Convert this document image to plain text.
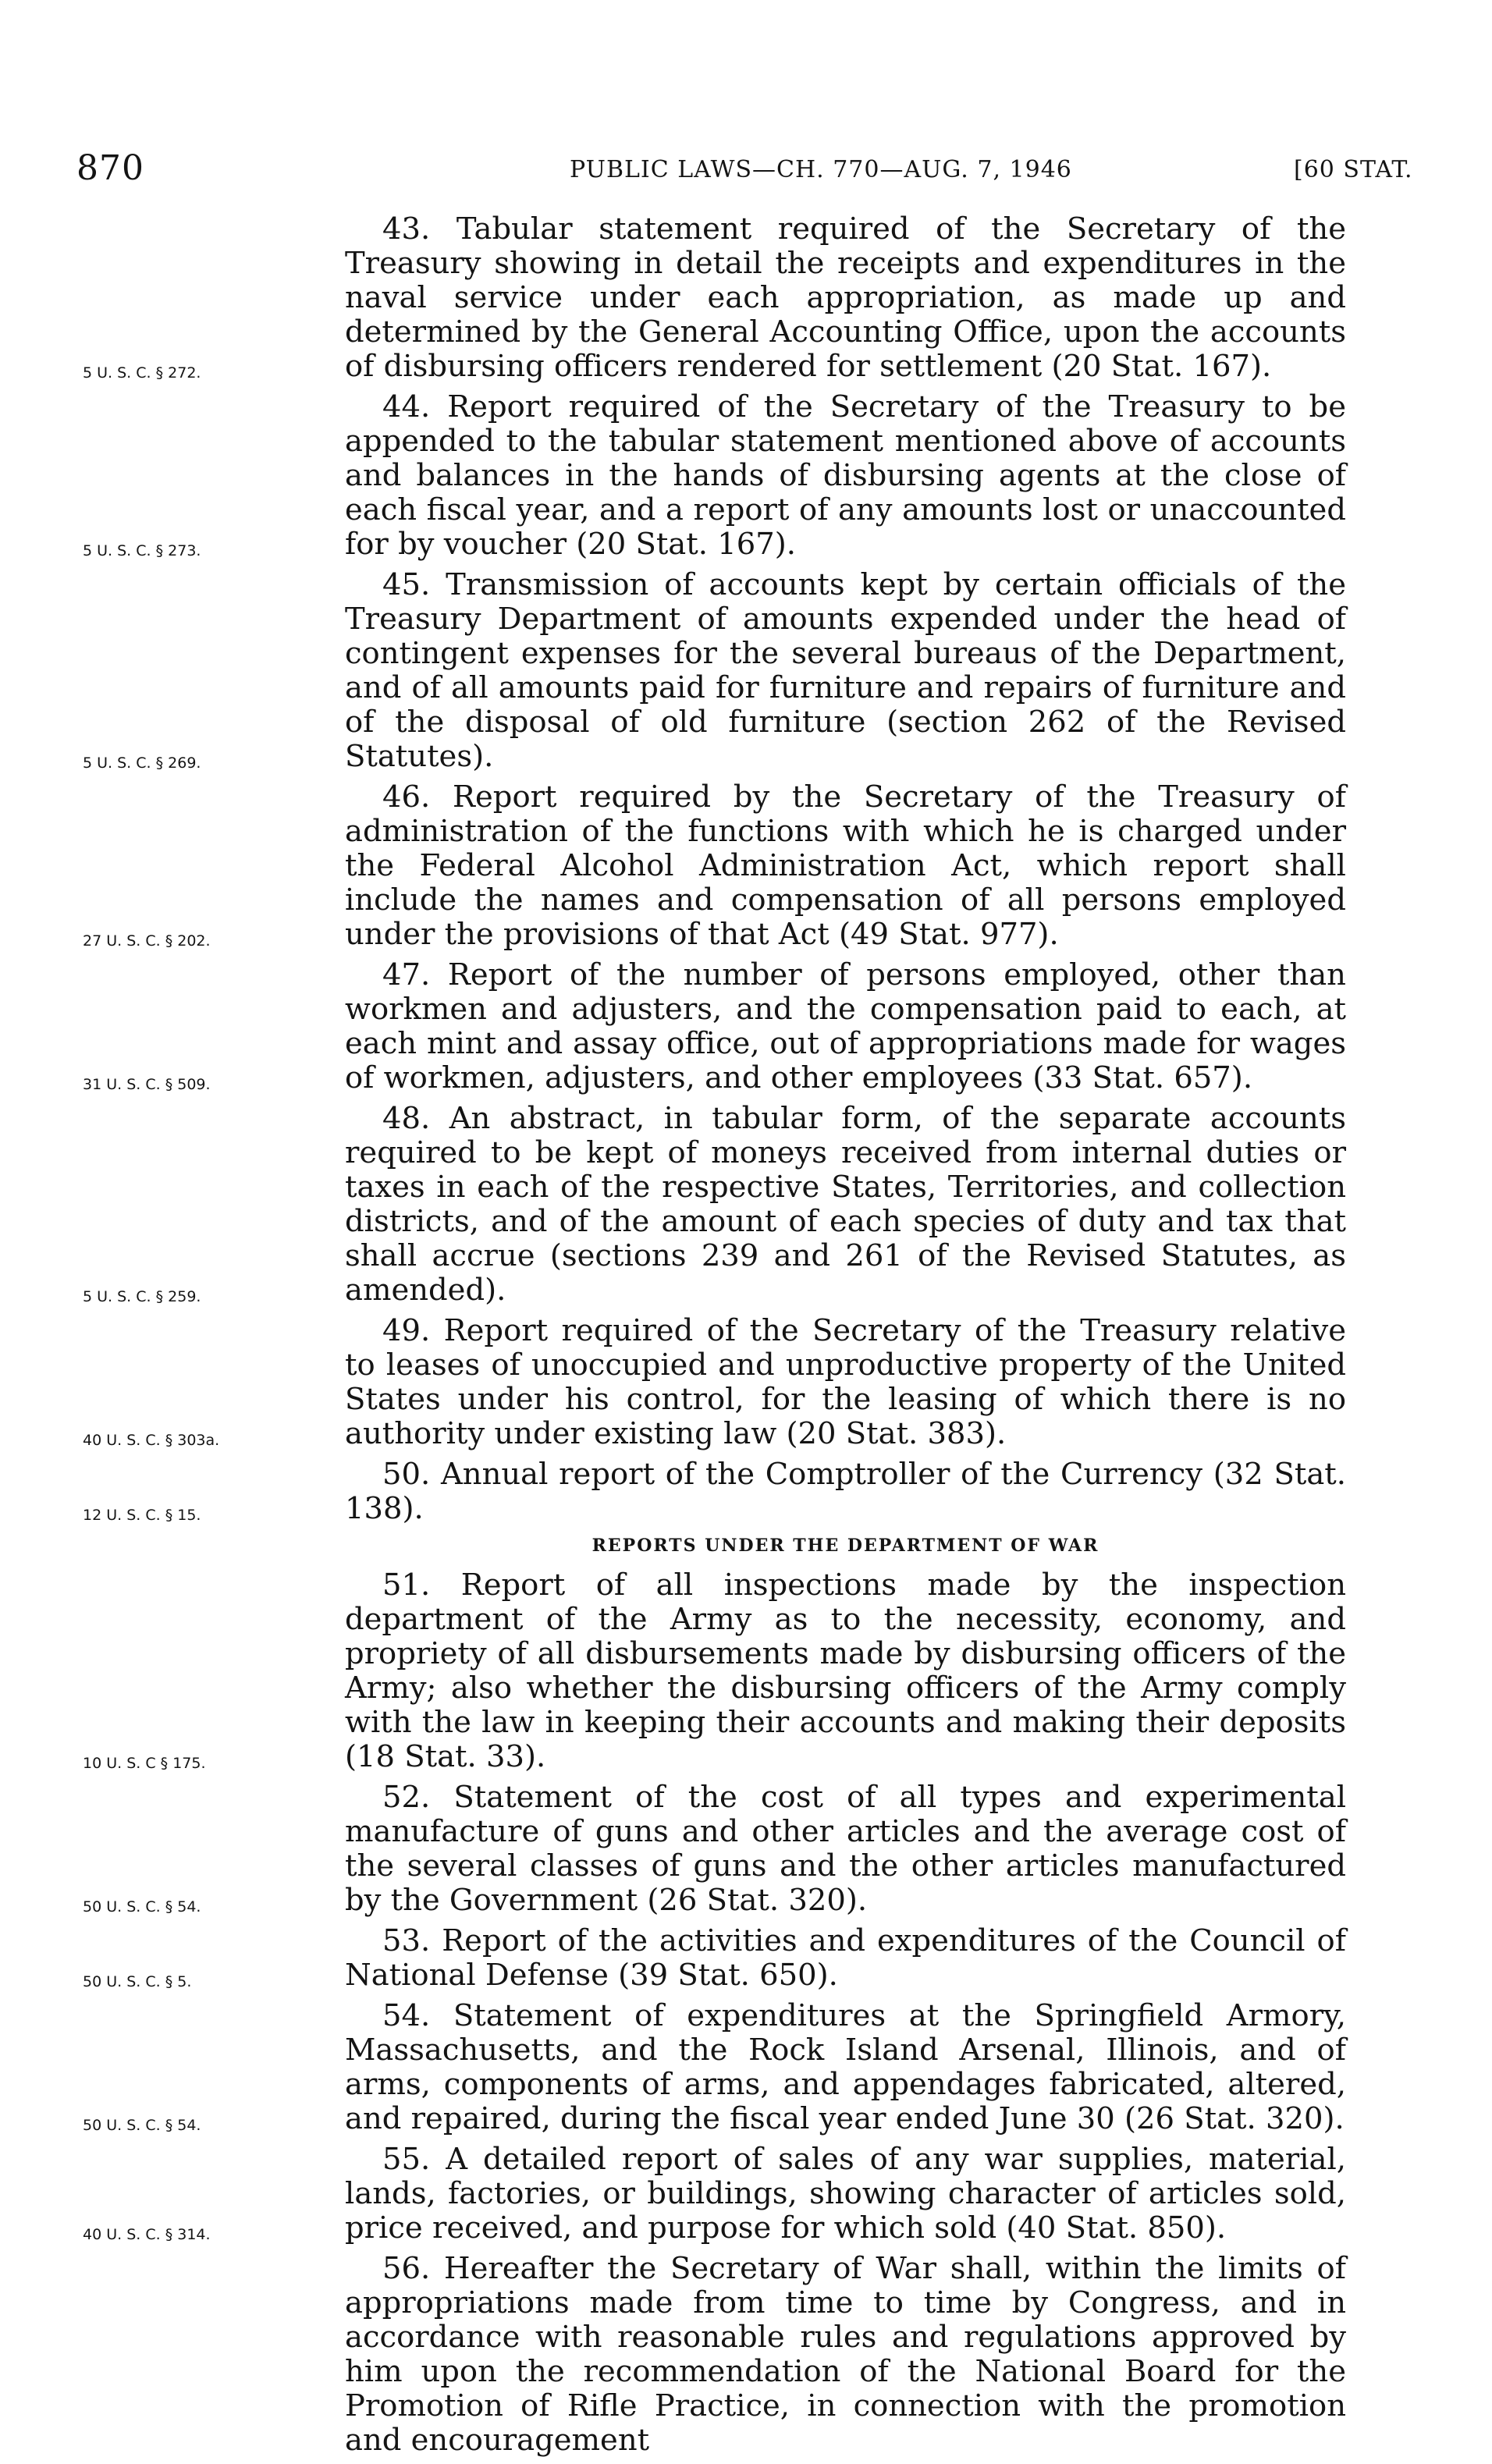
870	PUBLIC LAWS—CH. 770—AUG. 7, 1946	[60 STAT.

43. Tabular statement required of the Secretary of the Treasury showing in detail the receipts and expenditures in the naval service under each appropriation, as made up and determined by the General Accounting Office, upon the accounts of disbursing officers rendered for settlement (20 Stat. 167).
5 U. S. C. § 272.

44. Report required of the Secretary of the Treasury to be appended to the tabular statement mentioned above of accounts and balances in the hands of disbursing agents at the close of each fiscal year, and a report of any amounts lost or unaccounted for by voucher (20 Stat. 167).
5 U. S. C. § 273.

45. Transmission of accounts kept by certain officials of the Treasury Department of amounts expended under the head of contingent expenses for the several bureaus of the Department, and of all amounts paid for furniture and repairs of furniture and of the disposal of old furniture (section 262 of the Revised Statutes).
5 U. S. C. § 269.

46. Report required by the Secretary of the Treasury of administration of the functions with which he is charged under the Federal Alcohol Administration Act, which report shall include the names and compensation of all persons employed under the provisions of that Act (49 Stat. 977).
27 U. S. C. § 202.

47. Report of the number of persons employed, other than workmen and adjusters, and the compensation paid to each, at each mint and assay office, out of appropriations made for wages of workmen, adjusters, and other employees (33 Stat. 657).
31 U. S. C. § 509.

48. An abstract, in tabular form, of the separate accounts required to be kept of moneys received from internal duties or taxes in each of the respective States, Territories, and collection districts, and of the amount of each species of duty and tax that shall accrue (sections 239 and 261 of the Revised Statutes, as amended).
5 U. S. C. § 259.

49. Report required of the Secretary of the Treasury relative to leases of unoccupied and unproductive property of the United States under his control, for the leasing of which there is no authority under existing law (20 Stat. 383).
40 U. S. C. § 303a.

50. Annual report of the Comptroller of the Currency (32 Stat. 138).
12 U. S. C. § 15.

REPORTS UNDER THE DEPARTMENT OF WAR

51. Report of all inspections made by the inspection department of the Army as to the necessity, economy, and propriety of all disbursements made by disbursing officers of the Army; also whether the disbursing officers of the Army comply with the law in keeping their accounts and making their deposits (18 Stat. 33).
10 U. S. C § 175.

52. Statement of the cost of all types and experimental manufacture of guns and other articles and the average cost of the several classes of guns and the other articles manufactured by the Government (26 Stat. 320).
50 U. S. C. § 54.

53. Report of the activities and expenditures of the Council of National Defense (39 Stat. 650).
50 U. S. C. § 5.

54. Statement of expenditures at the Springfield Armory, Massachusetts, and the Rock Island Arsenal, Illinois, and of arms, components of arms, and appendages fabricated, altered, and repaired, during the fiscal year ended June 30 (26 Stat. 320).
50 U. S. C. § 54.

55. A detailed report of sales of any war supplies, material, lands, factories, or buildings, showing character of articles sold, price received, and purpose for which sold (40 Stat. 850).
40 U. S. C. § 314.

56. Hereafter the Secretary of War shall, within the limits of appropriations made from time to time by Congress, and in accordance with reasonable rules and regulations approved by him upon the recommendation of the National Board for the Promotion of Rifle Practice, in connection with the promotion and encouragement
